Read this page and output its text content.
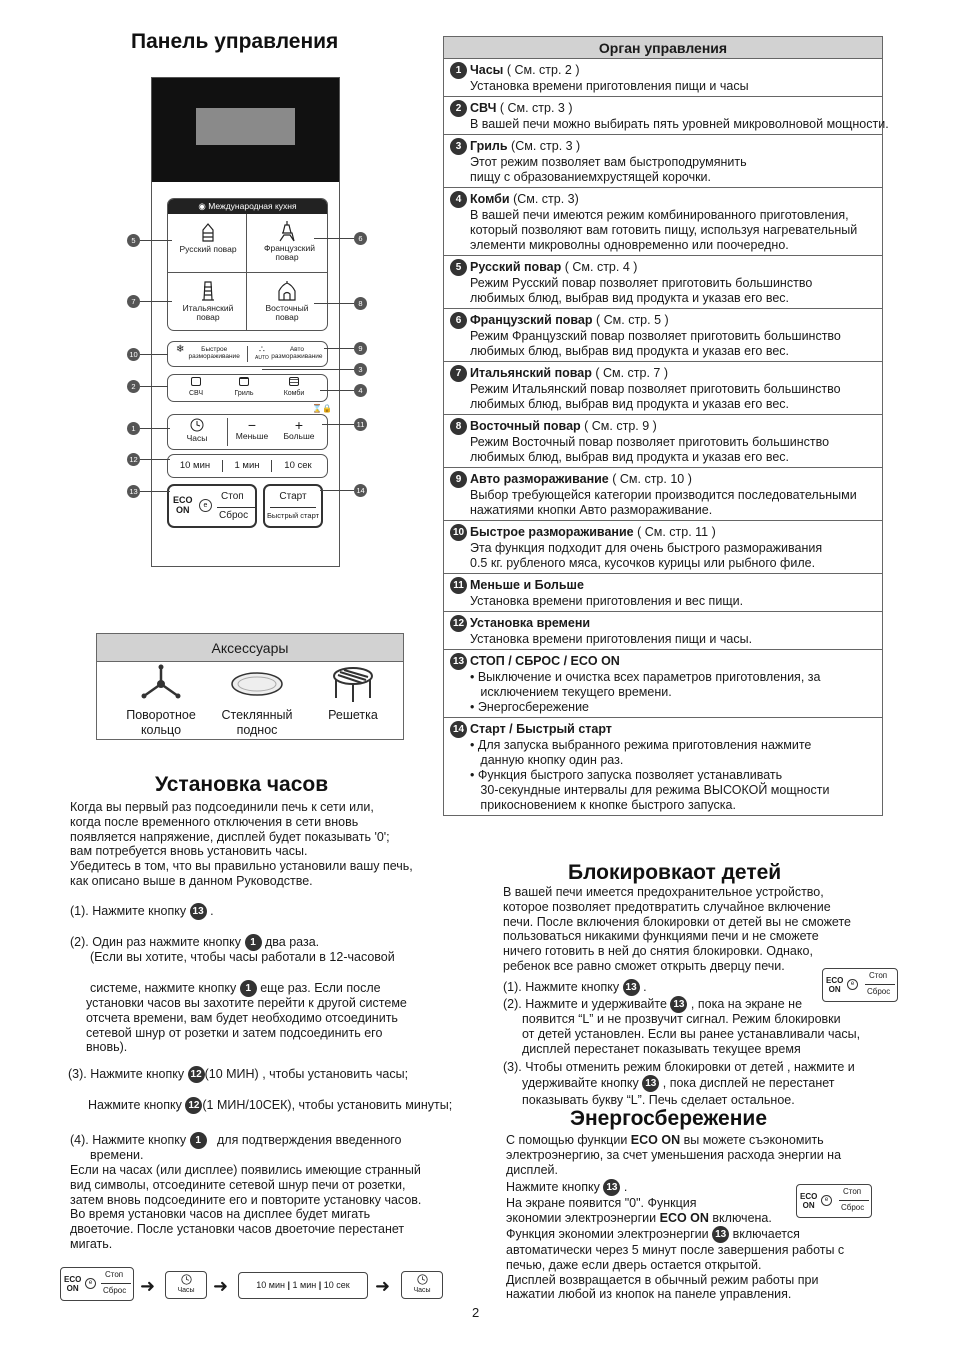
Панель управления
◉ Международная кухня

Русский повар	Французский повар

Итальянский повар

Восточный повар
❄	Быстрое размораживание
∴
AUTO
Авто размораживание

СВЧ	Гриль	Комби
⌛🔒

Часы
−
Меньше
+
Больше
10 мин	1 мин	10 сек
ECO
ON	e
Стоп
Сброс
Старт
Быстрый старт
5	6
7	8
10
9
3
2	4
1	11
12
13	14
Аксессуары
Поворотное
кольцо
Стеклянный
поднос
Решетка
Установка часов
Когда вы первый раз подсоединили печь к сети или,
когда после временного отключения в сети вновь
появляется напряжение, дисплей будет показывать '0';
вам потребуется вновь установить часы.
Убедитесь в том, что вы правильно установили вашу печь,
как описано выше в данном Руководстве.
(1). Нажмите кнопку 13 .
(2). Один раз нажмите кнопку 1 два раза.
(Если вы хотите, чтобы часы работали в 12-часовой
системе, нажмите кнопку 1 еще раз. Если после
установки часов вы захотите перейти к другой системе
отсчета времени, вам будет необходимо отсоединить
сетевой шнур от розетки и затем подсоединить его
вновь).
(3). Нажмите кнопку 12 (10 МИН) , чтобы установить часы;
Нажмите кнопку 12 (1 МИН/10СЕК), чтобы установить минуты;
(4). Нажмите кнопку 1 для подтверждения введенного
времени.
Если на часах (или дисплее) появились имеющие странный
вид символы, отсоедините сетевой шнур печи от розетки,
затем вновь подсоедините его и повторите установку часов.
Во время установки часов на дисплее будет мигать
двоеточие. После установки часов двоеточие перестанет
мигать.
ECO
ON
e
Стоп
Сброс ➜	Часы	➜	10 мин | 1 мин | 10 сек	➜	Часы
Орган управления
1 Часы ( См. стр. 2 )
Установка времени приготовления пищи и часы
2 СВЧ ( См. стр. 3 )
В вашей печи можно выбирать пять уровней микроволновой мощности.
3 Гриль (См. стр. 3 )
Этот режим позволяет вам быстроподрумянить
пищу с образованиемхрустящей корочки.
4 Комби (См. стр. 3)
В вашей печи имеются режим комбинированного приготовления,
который позволяют вам готовить пищу, используя нагревательный
элементи микроволны одновременно или поочередно.
5 Русский повар ( См. стр. 4 )
Режим Русский повар позволяет приготовить большинство
любимых блюд, выбрав вид продукта и указав его вес.
6 Французский повар ( См. стр. 5 )
Режим Французский повар позволяет приготовить большинство
любимых блюд, выбрав вид продукта и указав его вес.
7 Итальянский повар ( См. стр. 7 )
Режим Итальянский повар позволяет приготовить большинство
любимых блюд, выбрав вид продукта и указав его вес.
8 Восточный повар ( См. стр. 9 )
Режим Восточный повар позволяет приготовить большинство
любимых блюд, выбрав вид продукта и указав его вес.
9 Авто размораживание ( См. стр. 10 )
Выбор требующейся категории производится последовательными
нажатиями кнопки Авто размораживание.
10 Быстрое размораживание ( См. стр. 11 )
Эта функция подходит для очень быстрого размораживания
0.5 кг. рубленого мяса, кусочков курицы или рыбного филе.
11 Меньше и Больше
Установка времени приготовления и вес пищи.
12 Установка времени
Установка времени приготовления пищи и часы.
13 СТОП / СБРОС / ECO ON
• Выключение и очистка всех параметров приготовления, за
исключением текущего времени.
• Энергосбережение
14 Старт / Быстрый старт
• Для запуска выбранного режима приготовления нажмите
данную кнопку один раз.
• Функция быстрого запуска позволяет устанавливать
30-секундные интервалы для режима ВЫСОКОЙ мощности
прикосновением к кнопке быстрого запуска.
Блокировкаот детей
В вашей печи имеется предохранительное устройство,
которое позволяет предотвратить случайное включение
печи. После включения блокировки от детей вы не сможете
пользоваться никакими функциями печи и не сможете
ничего готовить в ней до снятия блокировки. Однако,
ребенок все равно сможет открыть дверцу печи.
(1). Нажмите кнопку 13 .
(2). Нажмите и удерживайте 13 , пока на экране не
появится “L” и не прозвучит сигнал. Режим блокировки
от детей установлен. Если вы ранее устанавливали часы,
дисплей перестанет показывать текущее время
(3). Чтобы отменить режим блокировки от детей , нажмите и
удерживайте кнопку 13 , пока дисплей не перестанет
показывать букву “L”. Печь сделает остальное.
ECO
ON
e
Стоп
Сброс
Энергосбережение
С помощью функции ECO ON вы можете съэкономить
электроэнергию, за счет уменьшения расхода энергии на
дисплей.
Нажмите кнопку 13 .
На экране появится "0". Функция
экономии электроэнергии ECO ON включена.
Функция экономии электроэнергии 13 включается
автоматически через 5 минут после завершения работы с
печью, даже если дверь остается открытой.
Дисплей возвращается в обычный режим работы при
нажатии любой из кнопок на панеле управления.
ECO
ON
e
Стоп
Сброс
2
